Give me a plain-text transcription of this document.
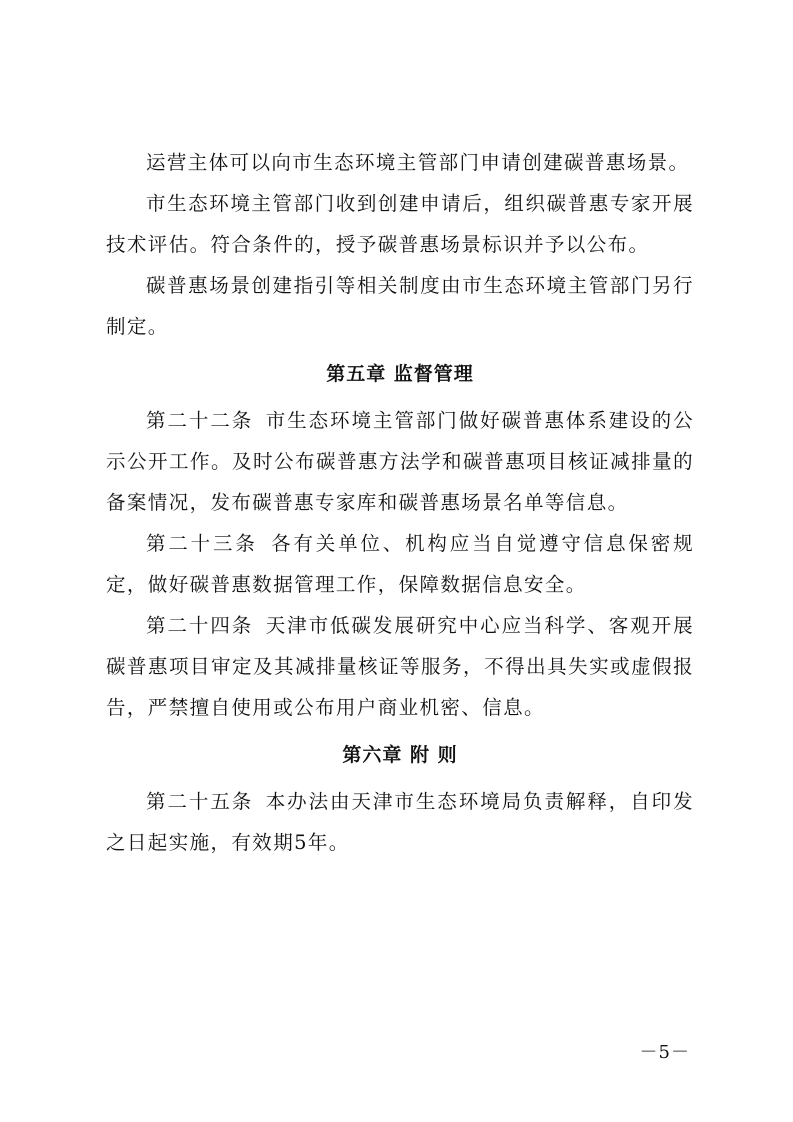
运营主体可以向市生态环境主管部门申请创建碳普惠场景。

市生态环境主管部门收到创建申请后，组织碳普惠专家开展技术评估。符合条件的，授予碳普惠场景标识并予以公布。

碳普惠场景创建指引等相关制度由市生态环境主管部门另行制定。

第五章 监督管理

第二十二条 市生态环境主管部门做好碳普惠体系建设的公示公开工作。及时公布碳普惠方法学和碳普惠项目核证减排量的备案情况，发布碳普惠专家库和碳普惠场景名单等信息。

第二十三条 各有关单位、机构应当自觉遵守信息保密规定，做好碳普惠数据管理工作，保障数据信息安全。

第二十四条 天津市低碳发展研究中心应当科学、客观开展碳普惠项目审定及其减排量核证等服务，不得出具失实或虚假报告，严禁擅自使用或公布用户商业机密、信息。

第六章 附 则

第二十五条 本办法由天津市生态环境局负责解释，自印发之日起实施，有效期5年。

－5－
